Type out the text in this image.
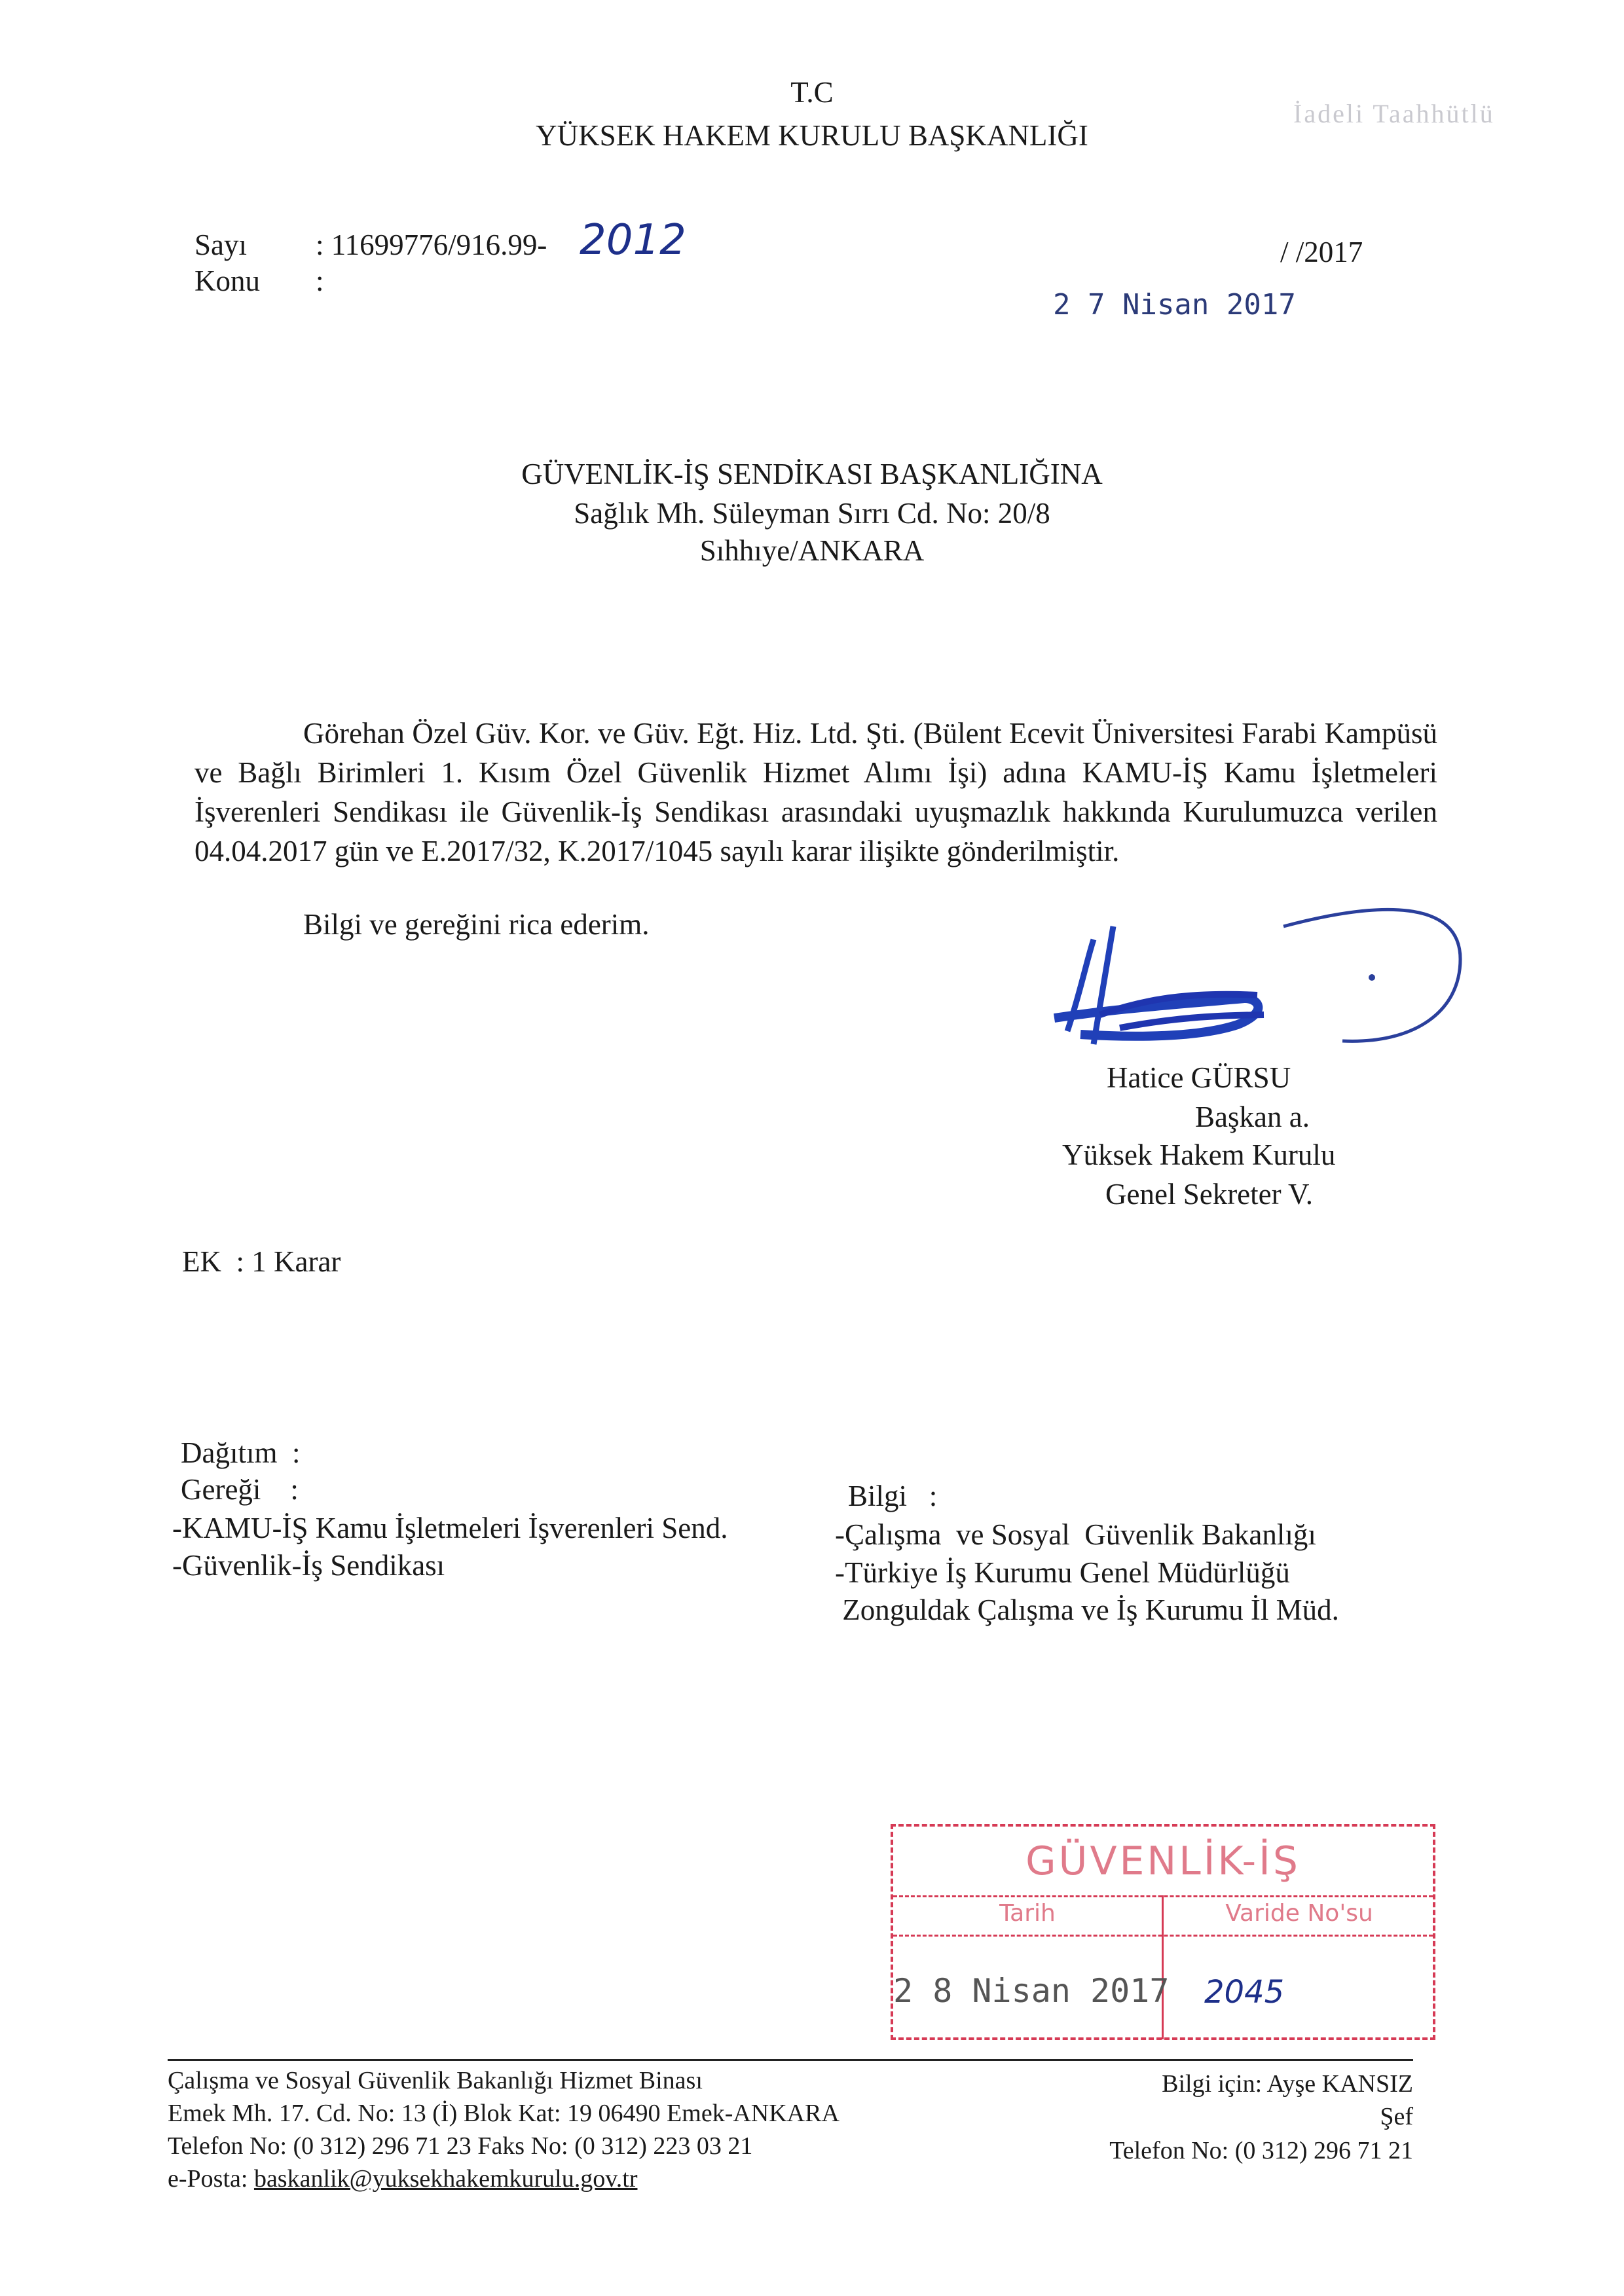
T.C
YÜKSEK HAKEM KURULU BAŞKANLIĞI
İadeli Taahhütlü
Sayı : 11699776/916.99- 2012
Konu :
/ /2017
2 7 Nisan 2017
GÜVENLİK-İŞ SENDİKASI BAŞKANLIĞINA
Sağlık Mh. Süleyman Sırrı Cd. No: 20/8
Sıhhıye/ANKARA
Görehan Özel Güv. Kor. ve Güv. Eğt. Hiz. Ltd. Şti. (Bülent Ecevit Üniversitesi Farabi Kampüsü ve Bağlı Birimleri 1. Kısım Özel Güvenlik Hizmet Alımı İşi) adına KAMU-İŞ Kamu İşletmeleri İşverenleri Sendikası ile Güvenlik-İş Sendikası arasındaki uyuşmazlık hakkında Kurulumuzca verilen 04.04.2017 gün ve E.2017/32, K.2017/1045 sayılı karar ilişikte gönderilmiştir.
Bilgi ve gereğini rica ederim.
Hatice GÜRSU
Başkan a.
Yüksek Hakem Kurulu
Genel Sekreter V.
EK  : 1 Karar
Dağıtım  :
Gereği    :
-KAMU-İŞ Kamu İşletmeleri İşverenleri Send.
-Güvenlik-İş Sendikası
Bilgi   :
-Çalışma  ve Sosyal  Güvenlik Bakanlığı
-Türkiye İş Kurumu Genel Müdürlüğü
Zonguldak Çalışma ve İş Kurumu İl Müd.
GÜVENLİK-İŞ
Tarih	Varide No'su
2 8 Nisan 2017 2045
Çalışma ve Sosyal Güvenlik Bakanlığı Hizmet Binası
Emek Mh. 17. Cd. No: 13 (İ) Blok Kat: 19 06490 Emek-ANKARA
Telefon No: (0 312) 296 71 23 Faks No: (0 312) 223 03 21
e-Posta: baskanlik@yuksekhakemkurulu.gov.tr
Bilgi için: Ayşe KANSIZ
Şef
Telefon No: (0 312) 296 71 21
